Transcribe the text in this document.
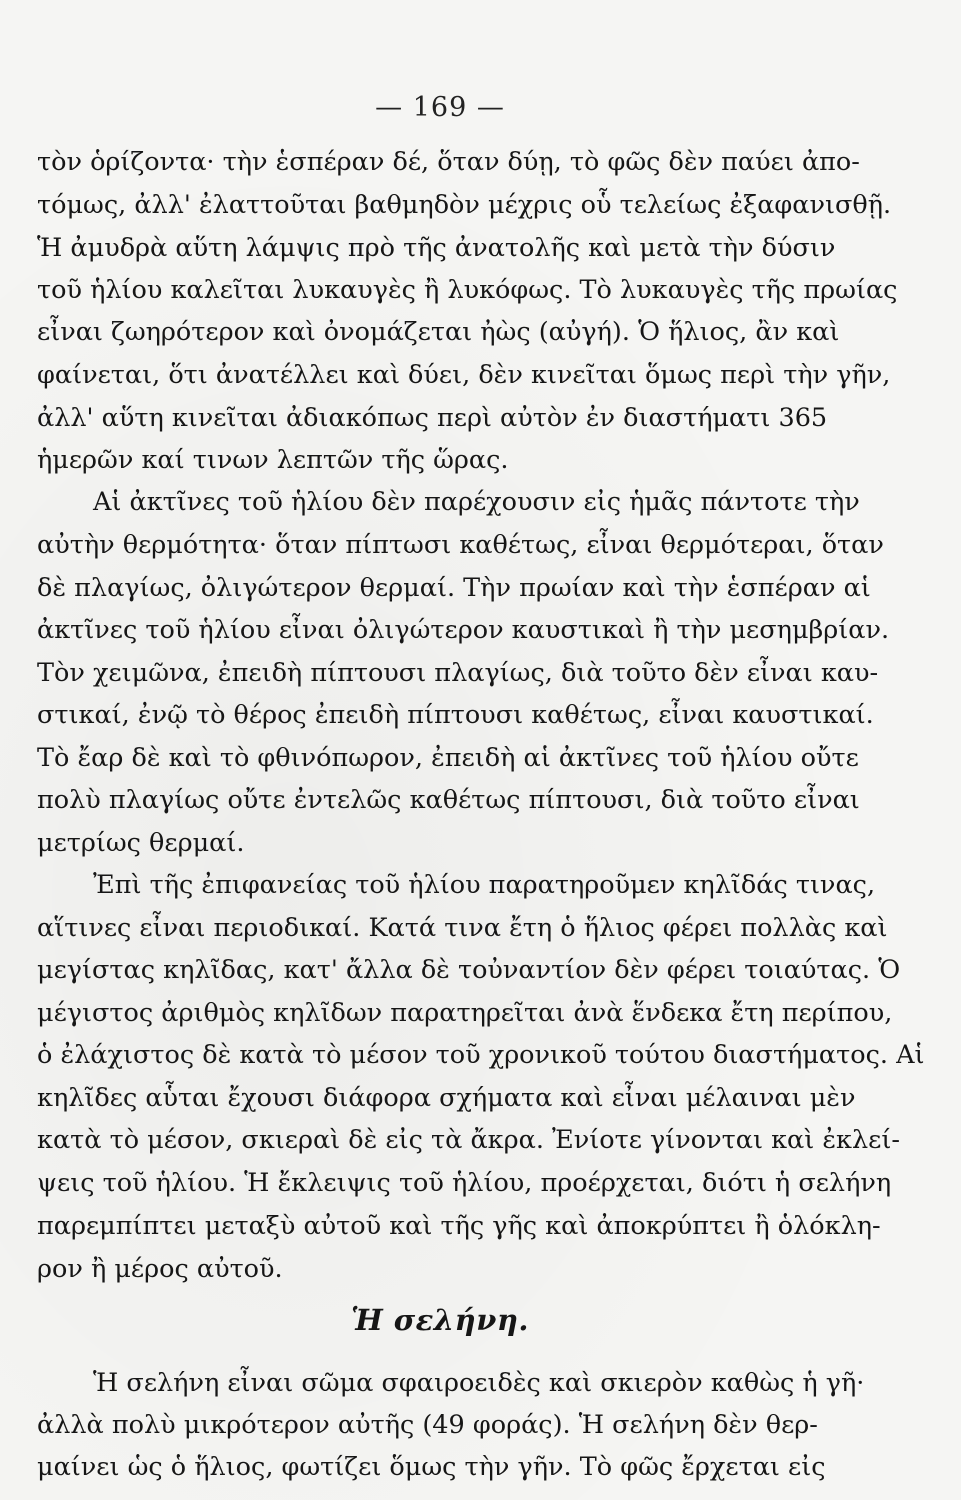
— 169 —
τὸν ὁρίζοντα· τὴν ἑσπέραν δέ, ὅταν δύῃ, τὸ φῶς δὲν παύει ἀπο-
τόμως, ἀλλ' ἐλαττοῦται βαθμηδὸν μέχρις οὗ τελείως ἐξαφανισθῇ.
Ἡ ἀμυδρὰ αὕτη λάμψις πρὸ τῆς ἀνατολῆς καὶ μετὰ τὴν δύσιν
τοῦ ἡλίου καλεῖται λυκαυγὲς ἢ λυκόφως. Τὸ λυκαυγὲς τῆς πρωίας
εἶναι ζωηρότερον καὶ ὀνομάζεται ἠὼς (αὐγή). Ὁ ἥλιος, ἂν καὶ
φαίνεται, ὅτι ἀνατέλλει καὶ δύει, δὲν κινεῖται ὅμως περὶ τὴν γῆν,
ἀλλ' αὕτη κινεῖται ἀδιακόπως περὶ αὐτὸν ἐν διαστήματι 365
ἡμερῶν καί τινων λεπτῶν τῆς ὥρας.
Αἱ ἀκτῖνες τοῦ ἡλίου δὲν παρέχουσιν εἰς ἡμᾶς πάντοτε τὴν
αὐτὴν θερμότητα· ὅταν πίπτωσι καθέτως, εἶναι θερμότεραι, ὅταν
δὲ πλαγίως, ὀλιγώτερον θερμαί. Τὴν πρωίαν καὶ τὴν ἑσπέραν αἱ
ἀκτῖνες τοῦ ἡλίου εἶναι ὀλιγώτερον καυστικαὶ ἢ τὴν μεσημβρίαν.
Τὸν χειμῶνα, ἐπειδὴ πίπτουσι πλαγίως, διὰ τοῦτο δὲν εἶναι καυ-
στικαί, ἐνῷ τὸ θέρος ἐπειδὴ πίπτουσι καθέτως, εἶναι καυστικαί.
Τὸ ἔαρ δὲ καὶ τὸ φθινόπωρον, ἐπειδὴ αἱ ἀκτῖνες τοῦ ἡλίου οὔτε
πολὺ πλαγίως οὔτε ἐντελῶς καθέτως πίπτουσι, διὰ τοῦτο εἶναι
μετρίως θερμαί.
Ἐπὶ τῆς ἐπιφανείας τοῦ ἡλίου παρατηροῦμεν κηλῖδάς τινας,
αἵτινες εἶναι περιοδικαί. Κατά τινα ἔτη ὁ ἥλιος φέρει πολλὰς καὶ
μεγίστας κηλῖδας, κατ' ἄλλα δὲ τοὐναντίον δὲν φέρει τοιαύτας. Ὁ
μέγιστος ἀριθμὸς κηλῖδων παρατηρεῖται ἀνὰ ἕνδεκα ἔτη περίπου,
ὁ ἐλάχιστος δὲ κατὰ τὸ μέσον τοῦ χρονικοῦ τούτου διαστήματος. Αἱ
κηλῖδες αὗται ἔχουσι διάφορα σχήματα καὶ εἶναι μέλαιναι μὲν
κατὰ τὸ μέσον, σκιεραὶ δὲ εἰς τὰ ἄκρα. Ἐνίοτε γίνονται καὶ ἐκλεί-
ψεις τοῦ ἡλίου. Ἡ ἔκλειψις τοῦ ἡλίου, προέρχεται, διότι ἡ σελήνη
παρεμπίπτει μεταξὺ αὐτοῦ καὶ τῆς γῆς καὶ ἀποκρύπτει ἢ ὁλόκλη-
ρον ἢ μέρος αὐτοῦ.
Ἡ σελήνη.
Ἡ σελήνη εἶναι σῶμα σφαιροειδὲς καὶ σκιερὸν καθὼς ἡ γῆ·
ἀλλὰ πολὺ μικρότερον αὐτῆς (49 φοράς). Ἡ σελήνη δὲν θερ-
μαίνει ὡς ὁ ἥλιος, φωτίζει ὅμως τὴν γῆν. Τὸ φῶς ἔρχεται εἰς
